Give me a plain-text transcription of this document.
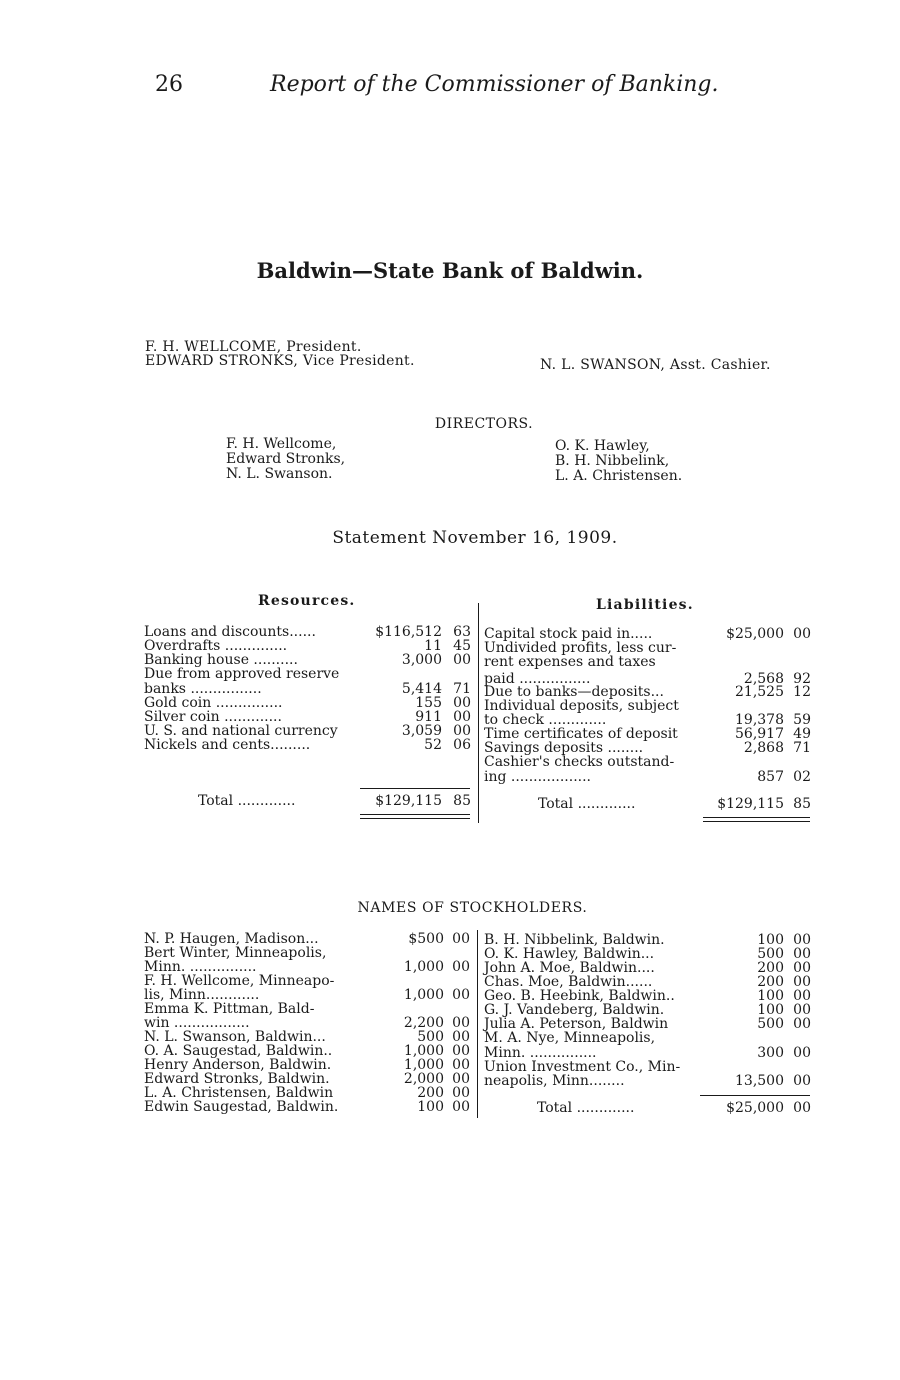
26	Report of the Commissioner of Banking.
Baldwin—State Bank of Baldwin.
F. H. WELLCOME, President.
EDWARD STRONKS, Vice President.	N. L. SWANSON, Asst. Cashier.
DIRECTORS.
F. H. Wellcome,
Edward Stronks,
N. L. Swanson.
O. K. Hawley,
B. H. Nibbelink,
L. A. Christensen.
Statement November 16, 1909.
Resources.	Liabilities.
Loans and discounts......	$116,512 63
Overdrafts ..............	11 45
Banking house ..........	3,000 00
Due from approved reserve
banks ................	5,414 71
Gold coin ...............	155 00
Silver coin .............	911 00
U. S. and national currency	3,059 00
Nickels and cents.........	52 06
Total .............	$129,115 85
Capital stock paid in.....	$25,000 00
Undivided profits, less cur-
rent expenses and taxes
paid ................	2,568 92
Due to banks—deposits...	21,525 12
Individual deposits, subject
to check .............	19,378 59
Time certificates of deposit	56,917 49
Savings deposits ........	2,868 71
Cashier's checks outstand-
ing ..................	857 02
Total .............	$129,115 85
NAMES OF STOCKHOLDERS.
N. P. Haugen, Madison...	$500 00
Bert Winter, Minneapolis,
Minn. ...............	1,000 00
F. H. Wellcome, Minneapo-
lis, Minn............	1,000 00
Emma K. Pittman, Bald-
win .................	2,200 00
N. L. Swanson, Baldwin...	500 00
O. A. Saugestad, Baldwin..	1,000 00
Henry Anderson, Baldwin.	1,000 00
Edward Stronks, Baldwin.	2,000 00
L. A. Christensen, Baldwin	200 00
Edwin Saugestad, Baldwin.	100 00
B. H. Nibbelink, Baldwin.	100 00
O. K. Hawley, Baldwin...	500 00
John A. Moe, Baldwin....	200 00
Chas. Moe, Baldwin......	200 00
Geo. B. Heebink, Baldwin..	100 00
G. J. Vandeberg, Baldwin.	100 00
Julia A. Peterson, Baldwin	500 00
M. A. Nye, Minneapolis,
Minn. ...............	300 00
Union Investment Co., Min-
neapolis, Minn........	13,500 00
Total .............	$25,000 00
